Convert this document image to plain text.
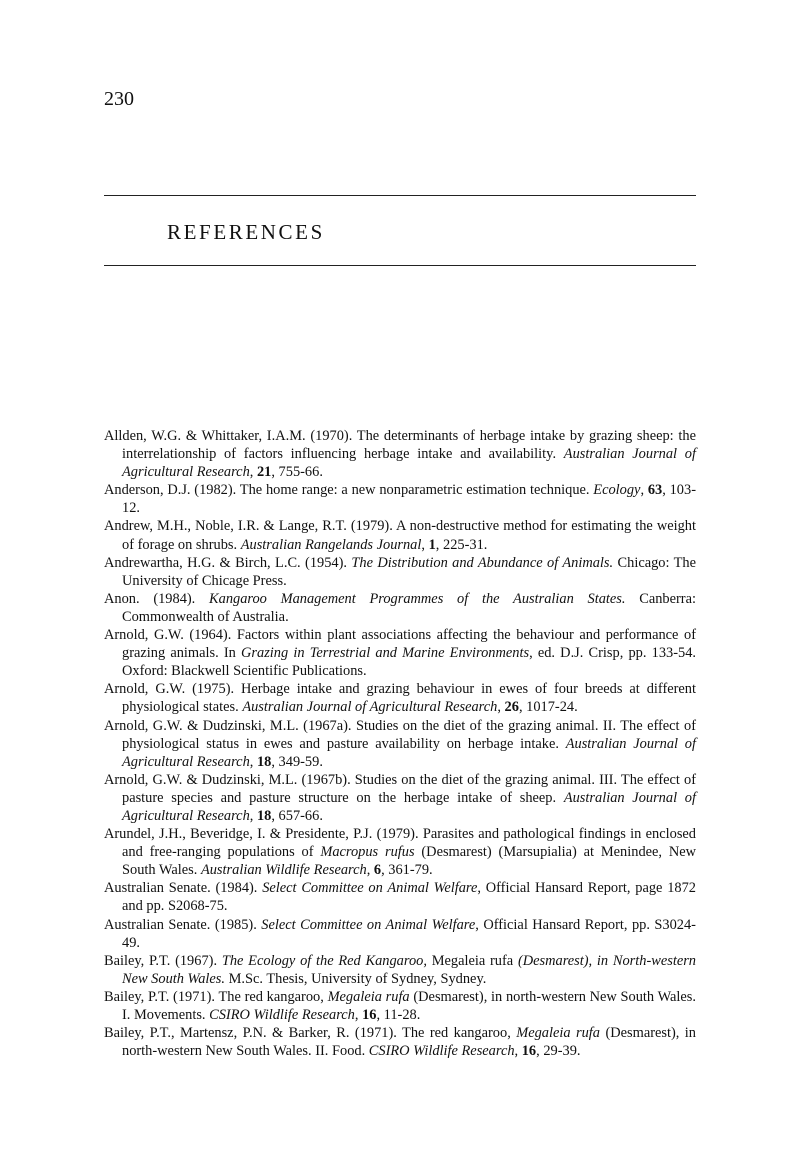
230
REFERENCES
Allden, W.G. & Whittaker, I.A.M. (1970). The determinants of herbage intake by grazing sheep: the interrelationship of factors influencing herbage intake and availability. Australian Journal of Agricultural Research, 21, 755-66.
Anderson, D.J. (1982). The home range: a new nonparametric estimation technique. Ecology, 63, 103-12.
Andrew, M.H., Noble, I.R. & Lange, R.T. (1979). A non-destructive method for estimating the weight of forage on shrubs. Australian Rangelands Journal, 1, 225-31.
Andrewartha, H.G. & Birch, L.C. (1954). The Distribution and Abundance of Animals. Chicago: The University of Chicage Press.
Anon. (1984). Kangaroo Management Programmes of the Australian States. Canberra: Commonwealth of Australia.
Arnold, G.W. (1964). Factors within plant associations affecting the behaviour and performance of grazing animals. In Grazing in Terrestrial and Marine Environments, ed. D.J. Crisp, pp. 133-54. Oxford: Blackwell Scientific Publications.
Arnold, G.W. (1975). Herbage intake and grazing behaviour in ewes of four breeds at different physiological states. Australian Journal of Agricultural Research, 26, 1017-24.
Arnold, G.W. & Dudzinski, M.L. (1967a). Studies on the diet of the grazing animal. II. The effect of physiological status in ewes and pasture availability on herbage intake. Australian Journal of Agricultural Research, 18, 349-59.
Arnold, G.W. & Dudzinski, M.L. (1967b). Studies on the diet of the grazing animal. III. The effect of pasture species and pasture structure on the herbage intake of sheep. Australian Journal of Agricultural Research, 18, 657-66.
Arundel, J.H., Beveridge, I. & Presidente, P.J. (1979). Parasites and pathological findings in enclosed and free-ranging populations of Macropus rufus (Desmarest) (Marsupialia) at Menindee, New South Wales. Australian Wildlife Research, 6, 361-79.
Australian Senate. (1984). Select Committee on Animal Welfare, Official Hansard Report, page 1872 and pp. S2068-75.
Australian Senate. (1985). Select Committee on Animal Welfare, Official Hansard Report, pp. S3024-49.
Bailey, P.T. (1967). The Ecology of the Red Kangaroo, Megaleia rufa (Desmarest), in North-western New South Wales. M.Sc. Thesis, University of Sydney, Sydney.
Bailey, P.T. (1971). The red kangaroo, Megaleia rufa (Desmarest), in north-western New South Wales. I. Movements. CSIRO Wildlife Research, 16, 11-28.
Bailey, P.T., Martensz, P.N. & Barker, R. (1971). The red kangaroo, Megaleia rufa (Desmarest), in north-western New South Wales. II. Food. CSIRO Wildlife Research, 16, 29-39.
